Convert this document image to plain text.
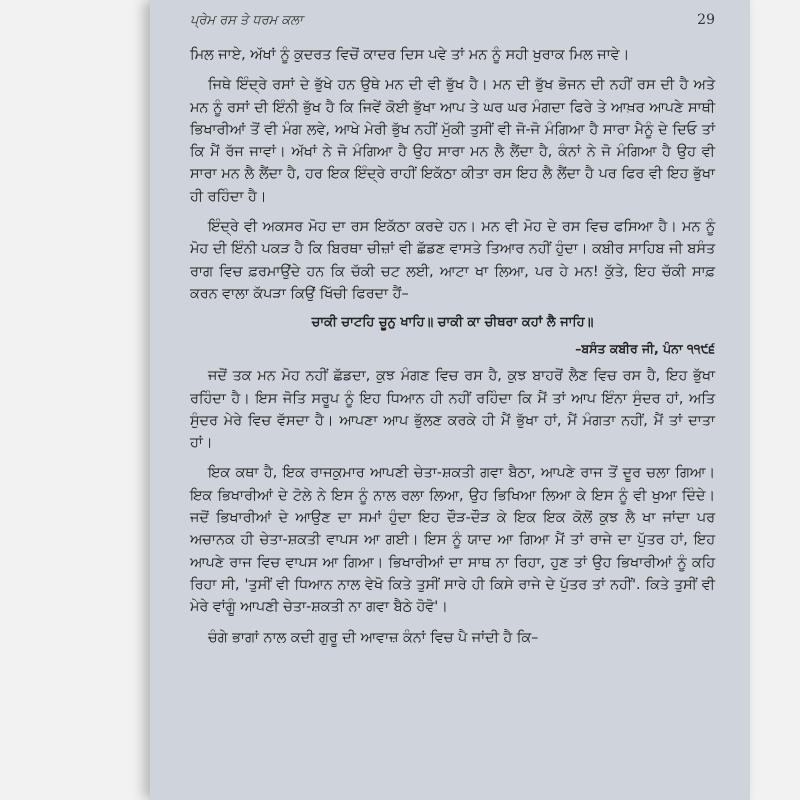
ਪ੍ਰੇਮ ਰਸ ਤੇ ਧਰਮ ਕਲਾ	29

ਮਿਲ ਜਾਏ, ਅੱਖਾਂ ਨੂੰ ਕੁਦਰਤ ਵਿਚੋਂ ਕਾਦਰ ਦਿਸ ਪਵੇ ਤਾਂ ਮਨ ਨੂੰ ਸਹੀ ਖੁਰਾਕ ਮਿਲ ਜਾਵੇ।

ਜਿਥੇ ਇੰਦ੍ਰੇ ਰਸਾਂ ਦੇ ਭੁੱਖੇ ਹਨ ਉਥੇ ਮਨ ਦੀ ਵੀ ਭੁੱਖ ਹੈ। ਮਨ ਦੀ ਭੁੱਖ ਭੋਜਨ ਦੀ ਨਹੀਂ ਰਸ ਦੀ ਹੈ ਅਤੇ ਮਨ ਨੂੰ ਰਸਾਂ ਦੀ ਇੰਨੀ ਭੁੱਖ ਹੈ ਕਿ ਜਿਵੇਂ ਕੋਈ ਭੁੱਖਾ ਆਪ ਤੇ ਘਰ ਘਰ ਮੰਗਦਾ ਫਿਰੇ ਤੇ ਆਖ਼ਰ ਆਪਣੇ ਸਾਥੀ ਭਿਖਾਰੀਆਂ ਤੋਂ ਵੀ ਮੰਗ ਲਵੇ, ਆਖੇ ਮੇਰੀ ਭੁੱਖ ਨਹੀਂ ਮੁੱਕੀ ਤੁਸੀਂ ਵੀ ਜੋ-ਜੋ ਮੰਗਿਆ ਹੈ ਸਾਰਾ ਮੈਨੂੰ ਦੇ ਦਿਓ ਤਾਂ ਕਿ ਮੈਂ ਰੱਜ ਜਾਵਾਂ। ਅੱਖਾਂ ਨੇ ਜੋ ਮੰਗਿਆ ਹੈ ਉਹ ਸਾਰਾ ਮਨ ਲੈ ਲੈਂਦਾ ਹੈ, ਕੰਨਾਂ ਨੇ ਜੋ ਮੰਗਿਆ ਹੈ ਉਹ ਵੀ ਸਾਰਾ ਮਨ ਲੈ ਲੈਂਦਾ ਹੈ, ਹਰ ਇਕ ਇੰਦ੍ਰੇ ਰਾਹੀਂ ਇਕੱਠਾ ਕੀਤਾ ਰਸ ਇਹ ਲੈ ਲੈਂਦਾ ਹੈ ਪਰ ਫਿਰ ਵੀ ਇਹ ਭੁੱਖਾ ਹੀ ਰਹਿੰਦਾ ਹੈ।

ਇੰਦ੍ਰੇ ਵੀ ਅਕਸਰ ਮੋਹ ਦਾ ਰਸ ਇਕੱਠਾ ਕਰਦੇ ਹਨ। ਮਨ ਵੀ ਮੋਹ ਦੇ ਰਸ ਵਿਚ ਫਸਿਆ ਹੈ। ਮਨ ਨੂੰ ਮੋਹ ਦੀ ਇੰਨੀ ਪਕੜ ਹੈ ਕਿ ਬਿਰਥਾ ਚੀਜ਼ਾਂ ਵੀ ਛੱਡਣ ਵਾਸਤੇ ਤਿਆਰ ਨਹੀਂ ਹੁੰਦਾ। ਕਬੀਰ ਸਾਹਿਬ ਜੀ ਬਸੰਤ ਰਾਗ ਵਿਚ ਫ਼ਰਮਾਉਂਦੇ ਹਨ ਕਿ ਚੱਕੀ ਚਟ ਲਈ, ਆਟਾ ਖਾ ਲਿਆ, ਪਰ ਹੇ ਮਨ! ਕੁੱਤੇ, ਇਹ ਚੱਕੀ ਸਾਫ਼ ਕਰਨ ਵਾਲਾ ਕੱਪੜਾ ਕਿਉਂ ਖਿੱਚੀ ਫਿਰਦਾ ਹੈਂ–

ਚਾਕੀ ਚਾਟਹਿ ਚੂਨੁ ਖਾਹਿ॥ ਚਾਕੀ ਕਾ ਚੀਥਰਾ ਕਹਾਂ ਲੈ ਜਾਹਿ॥

–ਬਸੰਤ ਕਬੀਰ ਜੀ, ਪੰਨਾ ੧੧੯੬

ਜਦੋਂ ਤਕ ਮਨ ਮੋਹ ਨਹੀਂ ਛੱਡਦਾ, ਕੁਝ ਮੰਗਣ ਵਿਚ ਰਸ ਹੈ, ਕੁਝ ਬਾਹਰੋਂ ਲੈਣ ਵਿਚ ਰਸ ਹੈ, ਇਹ ਭੁੱਖਾ ਰਹਿੰਦਾ ਹੈ। ਇਸ ਜੋਤਿ ਸਰੂਪ ਨੂੰ ਇਹ ਧਿਆਨ ਹੀ ਨਹੀਂ ਰਹਿੰਦਾ ਕਿ ਮੈਂ ਤਾਂ ਆਪ ਇੰਨਾ ਸੁੰਦਰ ਹਾਂ, ਅਤਿ ਸੁੰਦਰ ਮੇਰੇ ਵਿਚ ਵੱਸਦਾ ਹੈ। ਆਪਣਾ ਆਪ ਭੁੱਲਣ ਕਰਕੇ ਹੀ ਮੈਂ ਭੁੱਖਾ ਹਾਂ, ਮੈਂ ਮੰਗਤਾ ਨਹੀਂ, ਮੈਂ ਤਾਂ ਦਾਤਾ ਹਾਂ।

ਇਕ ਕਥਾ ਹੈ, ਇਕ ਰਾਜਕੁਮਾਰ ਆਪਣੀ ਚੇਤਾ-ਸ਼ਕਤੀ ਗਵਾ ਬੈਠਾ, ਆਪਣੇ ਰਾਜ ਤੋਂ ਦੂਰ ਚਲਾ ਗਿਆ। ਇਕ ਭਿਖਾਰੀਆਂ ਦੇ ਟੋਲੇ ਨੇ ਇਸ ਨੂੰ ਨਾਲ ਰਲਾ ਲਿਆ, ਉਹ ਭਿਖਿਆ ਲਿਆ ਕੇ ਇਸ ਨੂੰ ਵੀ ਖੁਆ ਦਿੰਦੇ। ਜਦੋਂ ਭਿਖਾਰੀਆਂ ਦੇ ਆਉਣ ਦਾ ਸਮਾਂ ਹੁੰਦਾ ਇਹ ਦੌੜ-ਦੌੜ ਕੇ ਇਕ ਇਕ ਕੋਲੋਂ ਕੁਝ ਲੈ ਖਾ ਜਾਂਦਾ ਪਰ ਅਚਾਨਕ ਹੀ ਚੇਤਾ-ਸ਼ਕਤੀ ਵਾਪਸ ਆ ਗਈ। ਇਸ ਨੂੰ ਯਾਦ ਆ ਗਿਆ ਮੈਂ ਤਾਂ ਰਾਜੇ ਦਾ ਪੁੱਤਰ ਹਾਂ, ਇਹ ਆਪਣੇ ਰਾਜ ਵਿਚ ਵਾਪਸ ਆ ਗਿਆ। ਭਿਖਾਰੀਆਂ ਦਾ ਸਾਥ ਨਾ ਰਿਹਾ, ਹੁਣ ਤਾਂ ਉਹ ਭਿਖਾਰੀਆਂ ਨੂੰ ਕਹਿ ਰਿਹਾ ਸੀ, 'ਤੁਸੀਂ ਵੀ ਧਿਆਨ ਨਾਲ ਵੇਖੋ ਕਿਤੇ ਤੁਸੀਂ ਸਾਰੇ ਹੀ ਕਿਸੇ ਰਾਜੇ ਦੇ ਪੁੱਤਰ ਤਾਂ ਨਹੀਂ'. ਕਿਤੇ ਤੁਸੀਂ ਵੀ ਮੇਰੇ ਵਾਂਗੂੰ ਆਪਣੀ ਚੇਤਾ-ਸ਼ਕਤੀ ਨਾ ਗਵਾ ਬੈਠੇ ਹੋਵੋ'।

ਚੰਗੇ ਭਾਗਾਂ ਨਾਲ ਕਦੀ ਗੁਰੂ ਦੀ ਆਵਾਜ਼ ਕੰਨਾਂ ਵਿਚ ਪੈ ਜਾਂਦੀ ਹੈ ਕਿ–
